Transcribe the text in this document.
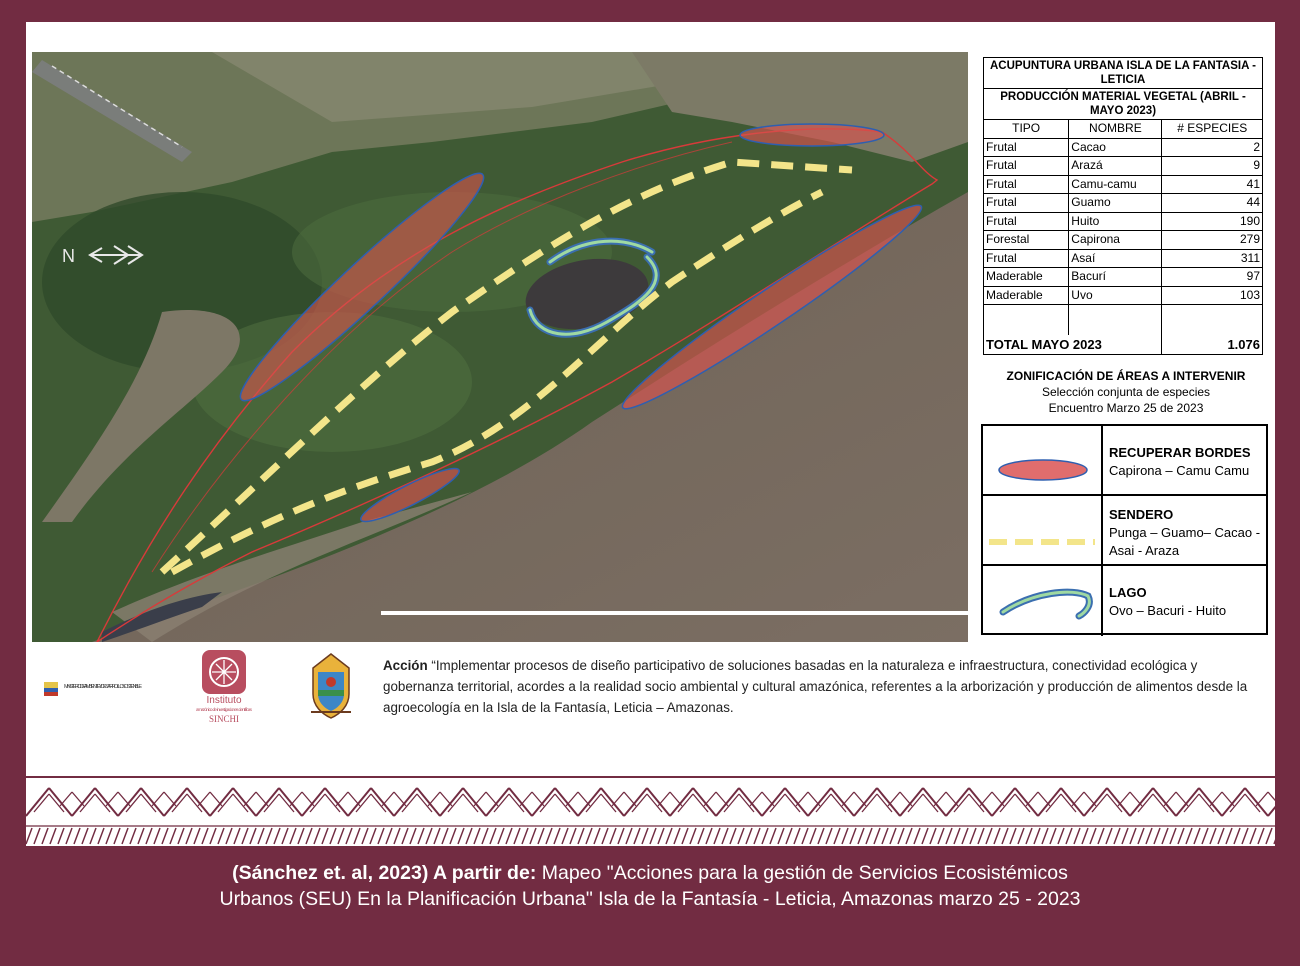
N
ACUPUNTURA URBANA ISLA DE LA FANTASIA - LETICIA		
PRODUCCIÓN MATERIAL VEGETAL (ABRIL - MAYO 2023)		
TIPO	NOMBRE	# ESPECIES
Frutal	Cacao	2
Frutal	Arazá	9
Frutal	Camu-camu	41
Frutal	Guamo	44
Frutal	Huito	190
Forestal	Capirona	279
Frutal	Asaí	311
Maderable	Bacurí	97
Maderable	Uvo	103

TOTAL MAYO 2023		1.076
ZONIFICACIÓN DE ÁREAS A INTERVENIR
Selección conjunta de especies
Encuentro Marzo 25 de 2023
RECUPERAR BORDES
Capirona – Camu Camu
SENDERO
Punga – Guamo– Cacao - Asai - Araza
LAGO
Ovo – Bacuri - Huito
MINISTERIO DE AMBIENTE Y DESARROLLO SOSTENIBLE
Instituto
amazónico de investigaciones científicas
SINCHI
Acción “Implementar procesos de diseño participativo de soluciones basadas en la naturaleza e infraestructura, conectividad ecológica y gobernanza territorial, acordes a la realidad socio ambiental y cultural amazónica, referentes a la arborización y producción de alimentos desde la agroecología en la Isla de la Fantasía, Leticia – Amazonas.
(Sánchez et. al, 2023) A partir de: Mapeo "Acciones para la gestión de Servicios Ecosistémicos
Urbanos (SEU) En la Planificación Urbana" Isla de la Fantasía - Leticia, Amazonas marzo 25 - 2023
